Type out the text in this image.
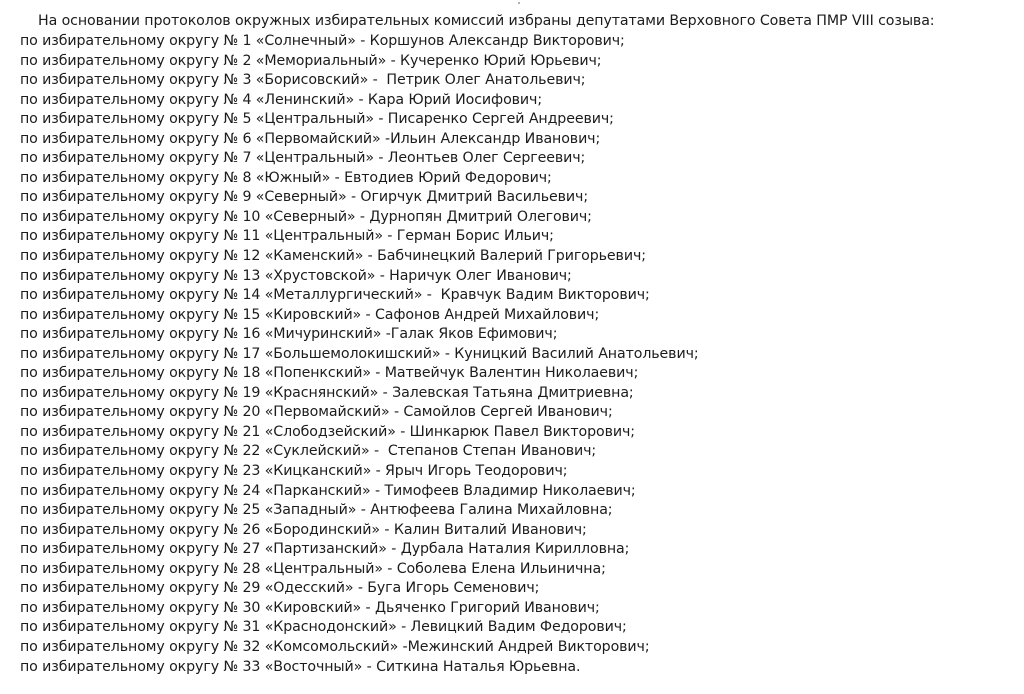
На основании протоколов окружных избирательных комиссий избраны депутатами Верховного Совета ПМР VIII созыва:
по избирательному округу № 1 «Солнечный» - Коршунов Александр Викторович;
по избирательному округу № 2 «Мемориальный» - Кучеренко Юрий Юрьевич;
по избирательному округу № 3 «Борисовский» -  Петрик Олег Анатольевич;
по избирательному округу № 4 «Ленинский» - Кара Юрий Иосифович;
по избирательному округу № 5 «Центральный» - Писаренко Сергей Андреевич;
по избирательному округу № 6 «Первомайский» -Ильин Александр Иванович;
по избирательному округу № 7 «Центральный» - Леонтьев Олег Сергеевич;
по избирательному округу № 8 «Южный» - Евтодиев Юрий Федорович;
по избирательному округу № 9 «Северный» - Огирчук Дмитрий Васильевич;
по избирательному округу № 10 «Северный» - Дурнопян Дмитрий Олегович;
по избирательному округу № 11 «Центральный» - Герман Борис Ильич;
по избирательному округу № 12 «Каменский» - Бабчинецкий Валерий Григорьевич;
по избирательному округу № 13 «Хрустовской» - Наричук Олег Иванович;
по избирательному округу № 14 «Металлургический» -  Кравчук Вадим Викторович;
по избирательному округу № 15 «Кировский» - Сафонов Андрей Михайлович;
по избирательному округу № 16 «Мичуринский» -Галак Яков Ефимович;
по избирательному округу № 17 «Большемолокишский» - Куницкий Василий Анатольевич;
по избирательному округу № 18 «Попенкский» - Матвейчук Валентин Николаевич;
по избирательному округу № 19 «Краснянский» - Залевская Татьяна Дмитриевна;
по избирательному округу № 20 «Первомайский» - Самойлов Сергей Иванович;
по избирательному округу № 21 «Слободзейский» - Шинкарюк Павел Викторович;
по избирательному округу № 22 «Суклейский» -  Степанов Степан Иванович;
по избирательному округу № 23 «Кицканский» - Ярыч Игорь Теодорович;
по избирательному округу № 24 «Парканский» - Тимофеев Владимир Николаевич;
по избирательному округу № 25 «Западный» - Антюфеева Галина Михайловна;
по избирательному округу № 26 «Бородинский» - Калин Виталий Иванович;
по избирательному округу № 27 «Партизанский» - Дурбала Наталия Кирилловна;
по избирательному округу № 28 «Центральный» - Соболева Елена Ильинична;
по избирательному округу № 29 «Одесский» - Буга Игорь Семенович;
по избирательному округу № 30 «Кировский» - Дьяченко Григорий Иванович;
по избирательному округу № 31 «Краснодонский» - Левицкий Вадим Федорович;
по избирательному округу № 32 «Комсомольский» -Межинский Андрей Викторович;
по избирательному округу № 33 «Восточный» - Ситкина Наталья Юрьевна.
